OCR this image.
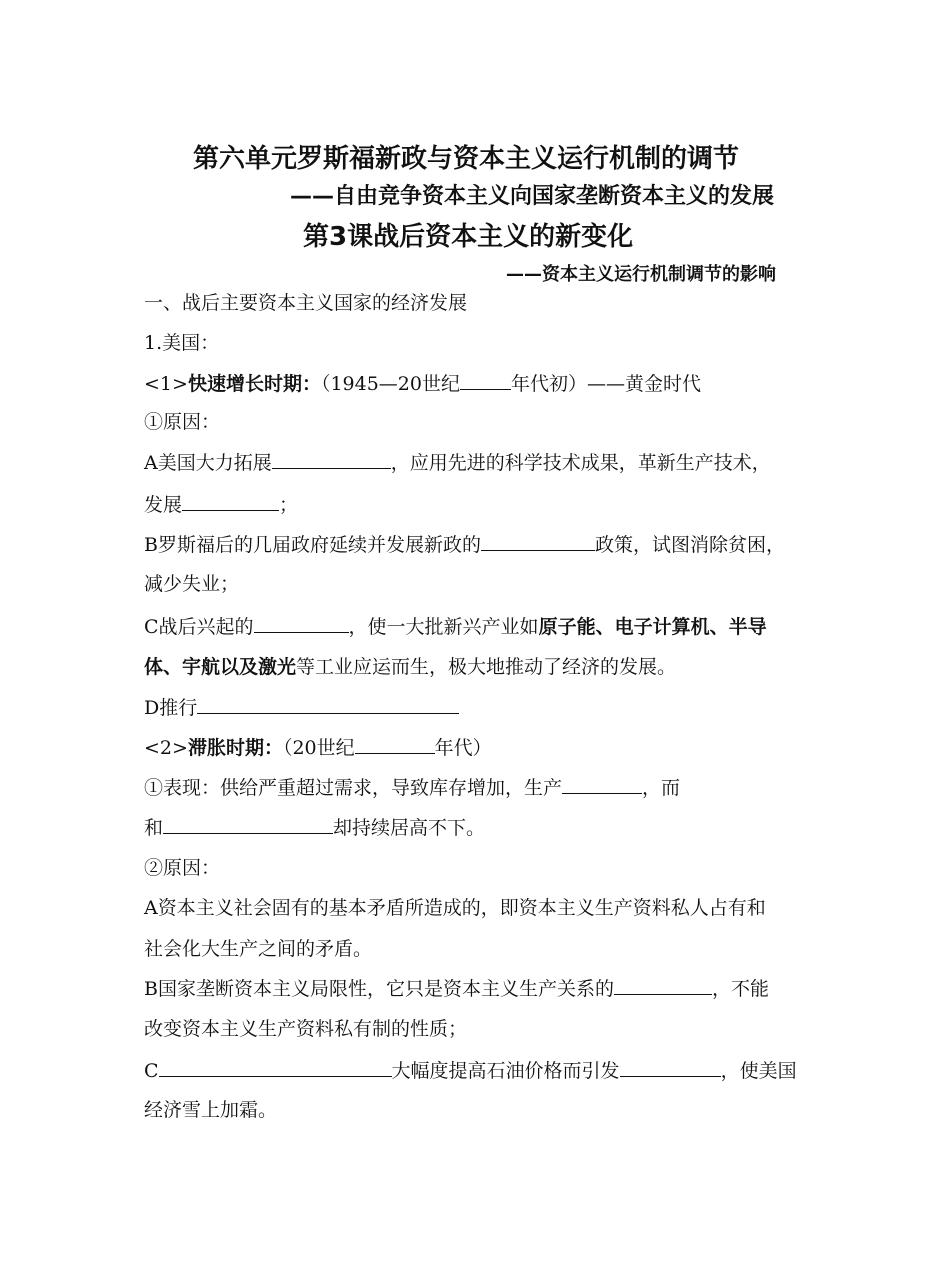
第六单元罗斯福新政与资本主义运行机制的调节
——自由竞争资本主义向国家垄断资本主义的发展
第3课战后资本主义的新变化
——资本主义运行机制调节的影响
一、战后主要资本主义国家的经济发展
1.美国：
<1>快速增长时期：（1945—20世纪	年代初）——黄金时代
①原因：
A美国大力拓展	，应用先进的科学技术成果，革新生产技术，
发展	；
B罗斯福后的几届政府延续并发展新政的	政策，试图消除贫困，
减少失业；
C战后兴起的	，使一大批新兴产业如原子能、电子计算机、半导
体、宇航以及激光等工业应运而生，极大地推动了经济的发展。
D推行
<2>滞胀时期：（20世纪	年代）
①表现：供给严重超过需求，导致库存增加，生产	，而
和	却持续居高不下。
②原因：
A资本主义社会固有的基本矛盾所造成的，即资本主义生产资料私人占有和
社会化大生产之间的矛盾。
B国家垄断资本主义局限性，它只是资本主义生产关系的	，不能
改变资本主义生产资料私有制的性质；
C	大幅度提高石油价格而引发	，使美国
经济雪上加霜。
